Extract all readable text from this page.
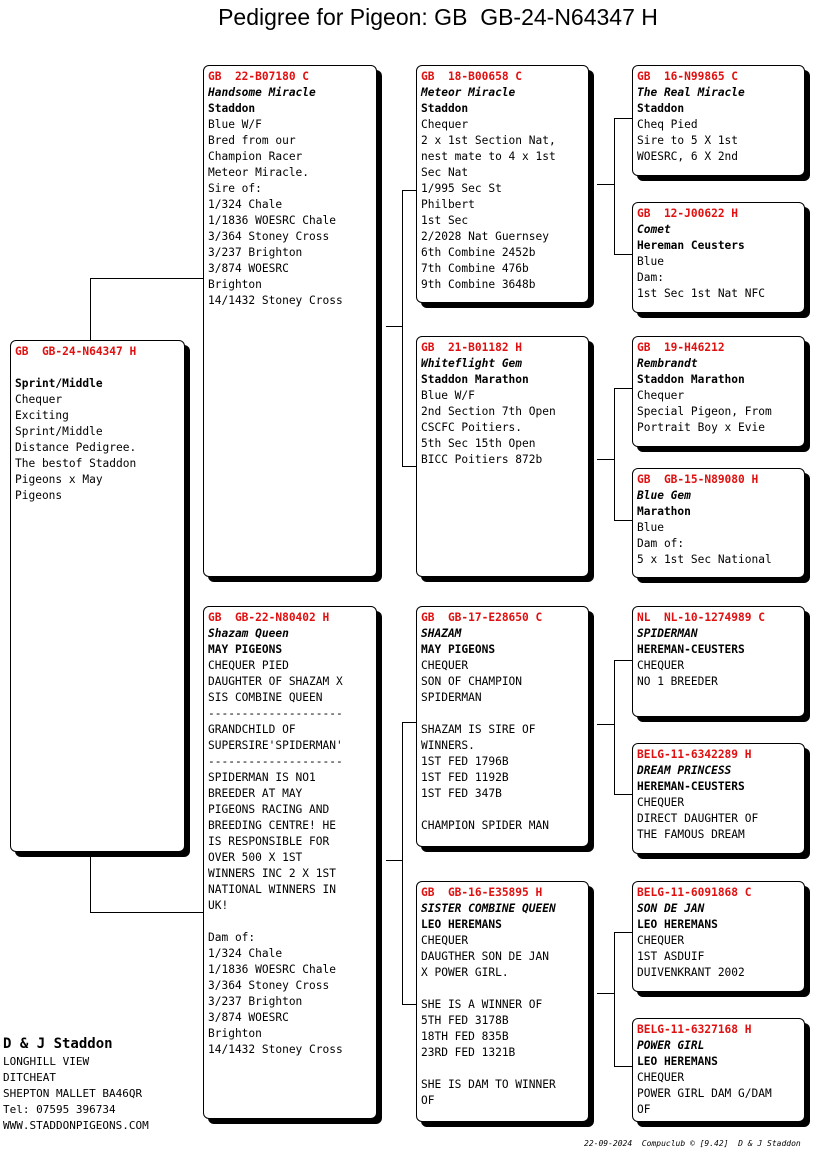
Pedigree for Pigeon: GB  GB-24-N64347 H
GB  GB-24-N64347 H
Sprint/Middle
Chequer
Exciting
Sprint/Middle
Distance Pedigree.
The bestof Staddon
Pigeons x May
Pigeons
GB  22-B07180 C
Handsome Miracle
Staddon
Blue W/F
Bred from our
Champion Racer
Meteor Miracle.
Sire of:
1/324 Chale
1/1836 WOESRC Chale
3/364 Stoney Cross
3/237 Brighton
3/874 WOESRC
Brighton
14/1432 Stoney Cross
GB  GB-22-N80402 H
Shazam Queen
MAY PIGEONS
CHEQUER PIED
DAUGHTER OF SHAZAM X
SIS COMBINE QUEEN
--------------------
GRANDCHILD OF
SUPERSIRE'SPIDERMAN'
--------------------
SPIDERMAN IS NO1
BREEDER AT MAY
PIGEONS RACING AND
BREEDING CENTRE! HE
IS RESPONSIBLE FOR
OVER 500 X 1ST
WINNERS INC 2 X 1ST
NATIONAL WINNERS IN
UK!
Dam of:
1/324 Chale
1/1836 WOESRC Chale
3/364 Stoney Cross
3/237 Brighton
3/874 WOESRC
Brighton
14/1432 Stoney Cross
GB  18-B00658 C
Meteor Miracle
Staddon
Chequer
2 x 1st Section Nat,
nest mate to 4 x 1st
Sec Nat
1/995 Sec St
Philbert
1st Sec
2/2028 Nat Guernsey
6th Combine 2452b
7th Combine 476b
9th Combine 3648b
GB  21-B01182 H
Whiteflight Gem
Staddon Marathon
Blue W/F
2nd Section 7th Open
CSCFC Poitiers.
5th Sec 15th Open
BICC Poitiers 872b
GB  GB-17-E28650 C
SHAZAM
MAY PIGEONS
CHEQUER
SON OF CHAMPION
SPIDERMAN
SHAZAM IS SIRE OF
WINNERS.
1ST FED 1796B
1ST FED 1192B
1ST FED 347B
CHAMPION SPIDER MAN
GB  GB-16-E35895 H
SISTER COMBINE QUEEN
LEO HEREMANS
CHEQUER
DAUGTHER SON DE JAN
X POWER GIRL.
SHE IS A WINNER OF
5TH FED 3178B
18TH FED 835B
23RD FED 1321B
SHE IS DAM TO WINNER
OF
GB  16-N99865 C
The Real Miracle
Staddon
Cheq Pied
Sire to 5 X 1st
WOESRC, 6 X 2nd
GB  12-J00622 H
Comet
Hereman Ceusters
Blue
Dam:
1st Sec 1st Nat NFC
GB  19-H46212
Rembrandt
Staddon Marathon
Chequer
Special Pigeon, From
Portrait Boy x Evie
GB  GB-15-N89080 H
Blue Gem
Marathon
Blue
Dam of:
5 x 1st Sec National
NL  NL-10-1274989 C
SPIDERMAN
HEREMAN-CEUSTERS
CHEQUER
NO 1 BREEDER
BELG-11-6342289 H
DREAM PRINCESS
HEREMAN-CEUSTERS
CHEQUER
DIRECT DAUGHTER OF
THE FAMOUS DREAM
BELG-11-6091868 C
SON DE JAN
LEO HEREMANS
CHEQUER
1ST ASDUIF
DUIVENKRANT 2002
BELG-11-6327168 H
POWER GIRL
LEO HEREMANS
CHEQUER
POWER GIRL DAM G/DAM
OF
D & J Staddon
LONGHILL VIEW
DITCHEAT
SHEPTON MALLET BA46QR
Tel: 07595 396734
WWW.STADDONPIGEONS.COM
22-09-2024  Compuclub © [9.42]  D & J Staddon
